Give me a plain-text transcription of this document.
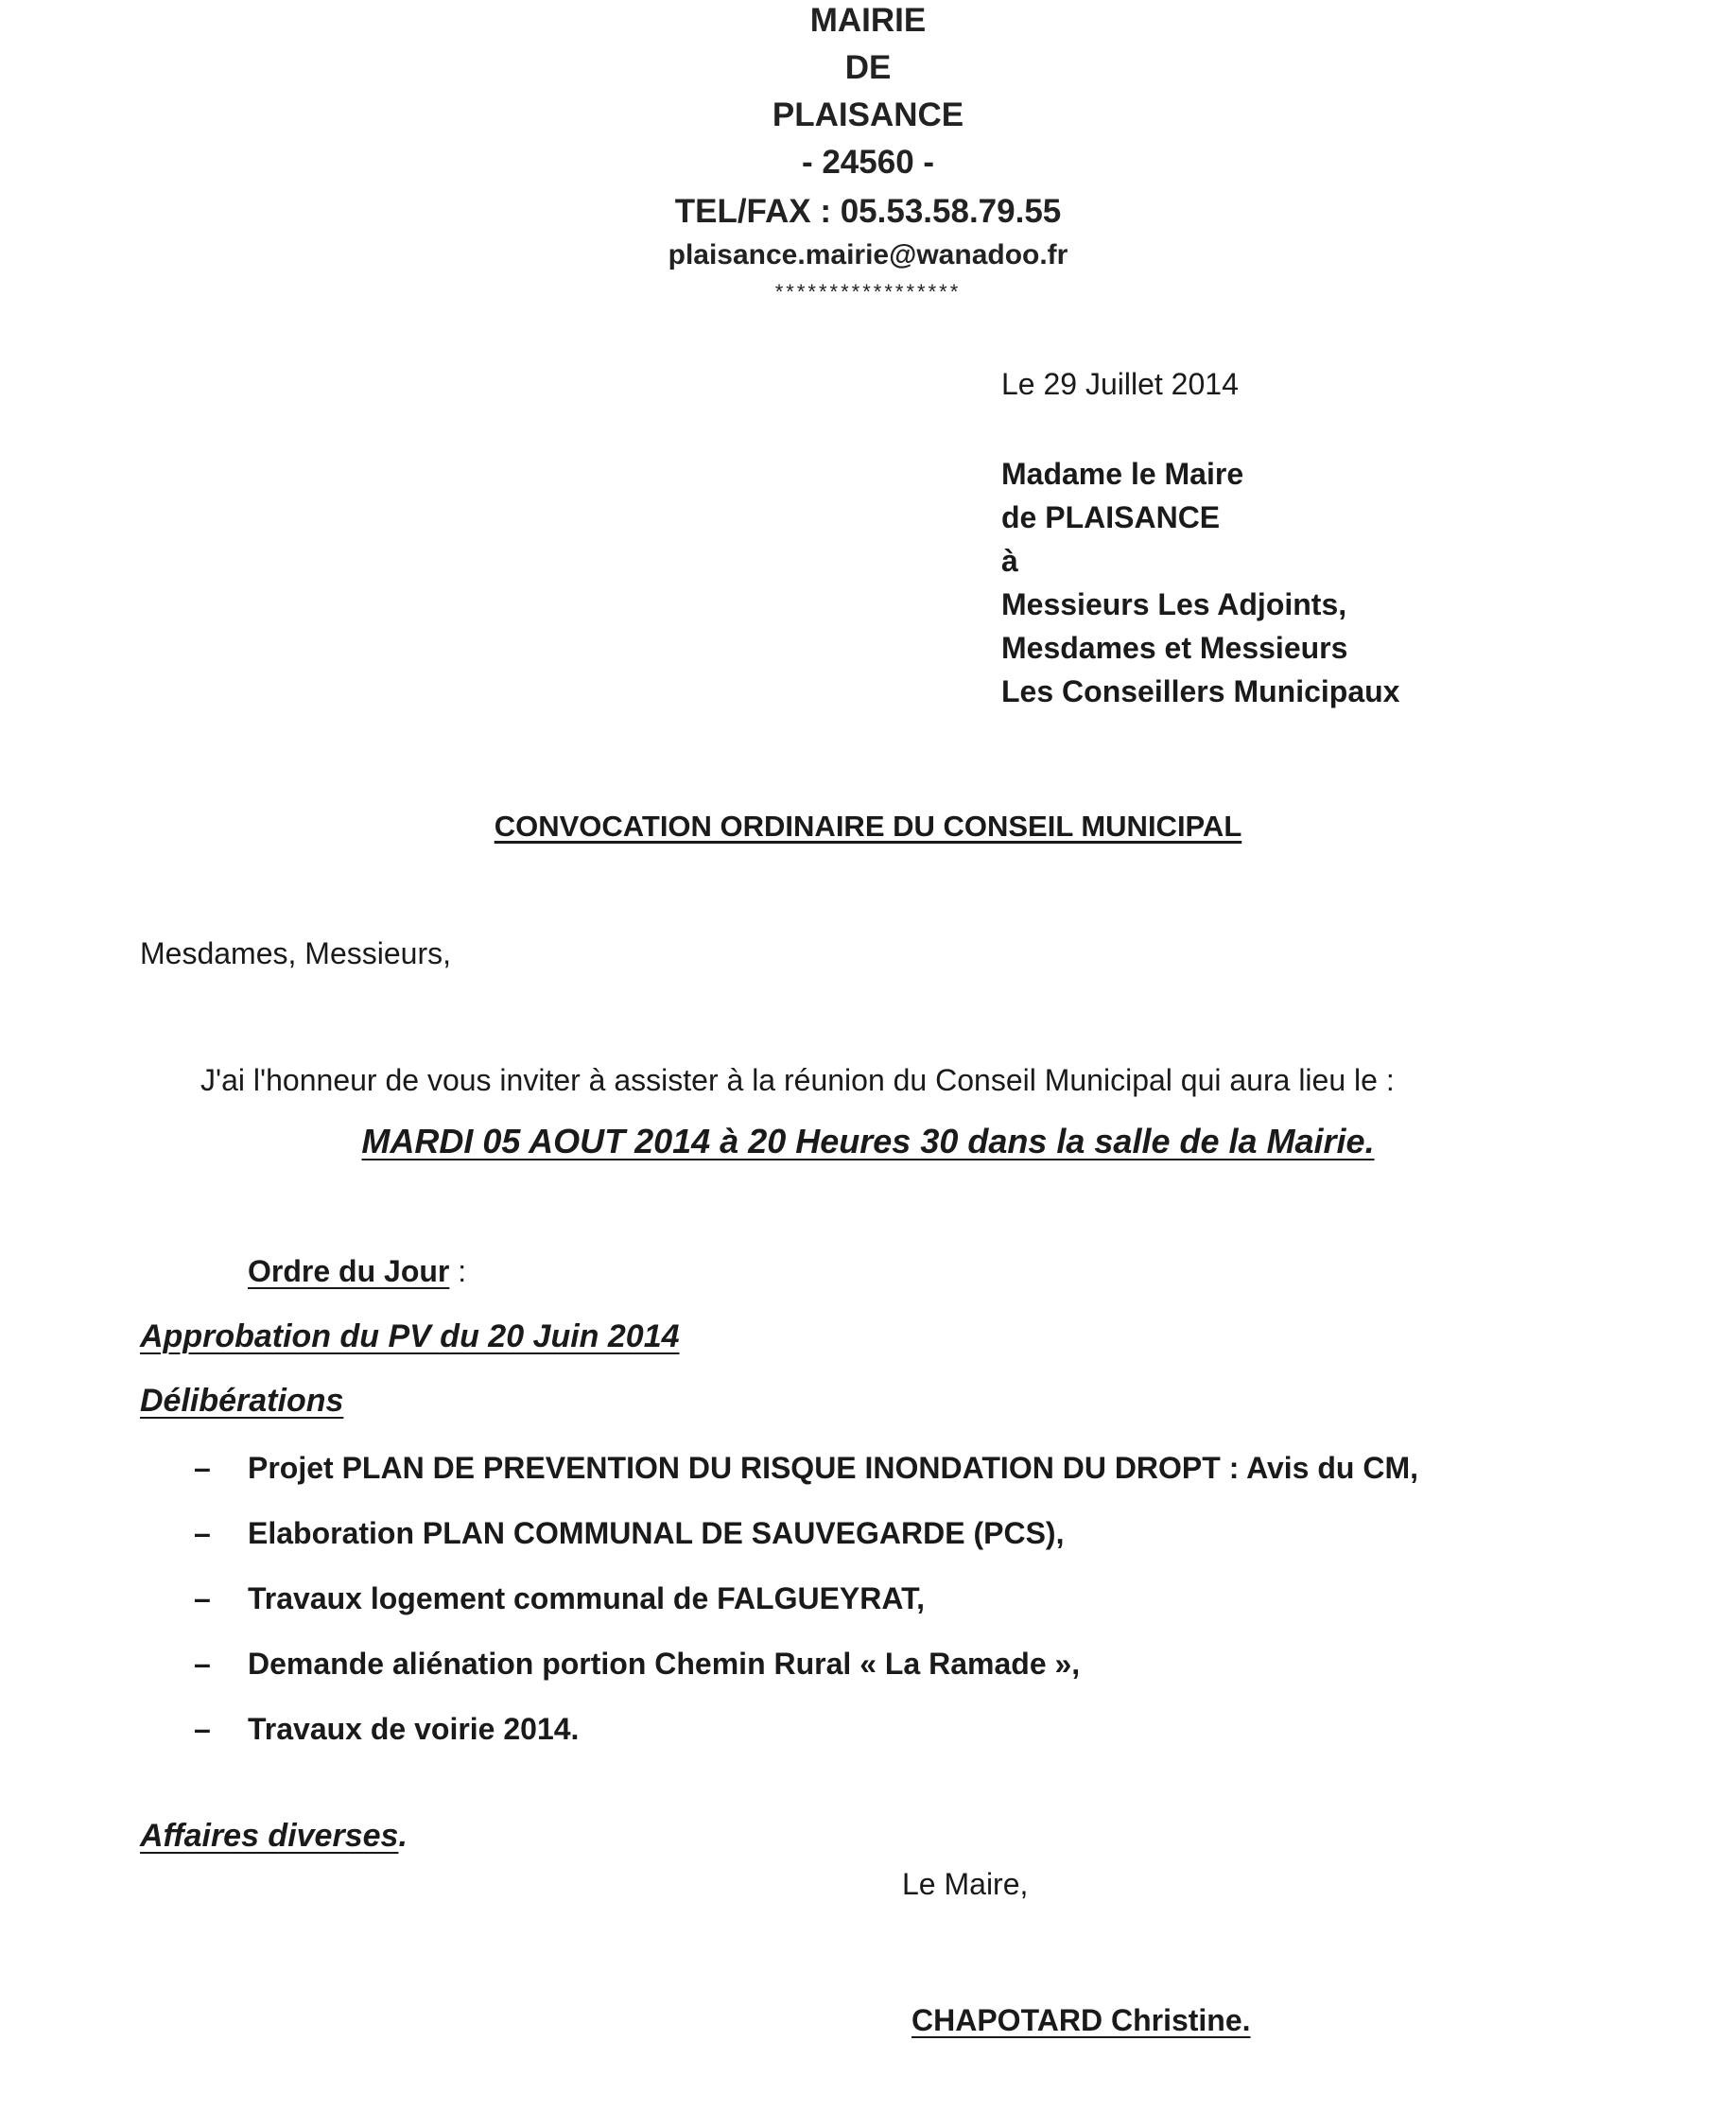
MAIRIE
DE
PLAISANCE
- 24560 -
TEL/FAX : 05.53.58.79.55
plaisance.mairie@wanadoo.fr
*****************
Le 29 Juillet 2014
Madame le Maire
de PLAISANCE
à
Messieurs Les Adjoints,
Mesdames et Messieurs
Les Conseillers Municipaux
CONVOCATION ORDINAIRE DU CONSEIL MUNICIPAL
Mesdames, Messieurs,
J'ai l'honneur de vous inviter à assister à la réunion du Conseil Municipal qui aura lieu le :
MARDI 05 AOUT 2014 à 20 Heures 30 dans la salle de la Mairie.
Ordre du Jour :
Approbation du PV du 20 Juin 2014
Délibérations
– Projet PLAN DE PREVENTION DU RISQUE INONDATION DU DROPT : Avis du CM,
– Elaboration PLAN COMMUNAL DE SAUVEGARDE (PCS),
– Travaux logement communal de FALGUEYRAT,
– Demande aliénation portion Chemin Rural « La Ramade »,
– Travaux de voirie 2014.
Affaires diverses.
Le Maire,
CHAPOTARD Christine.
